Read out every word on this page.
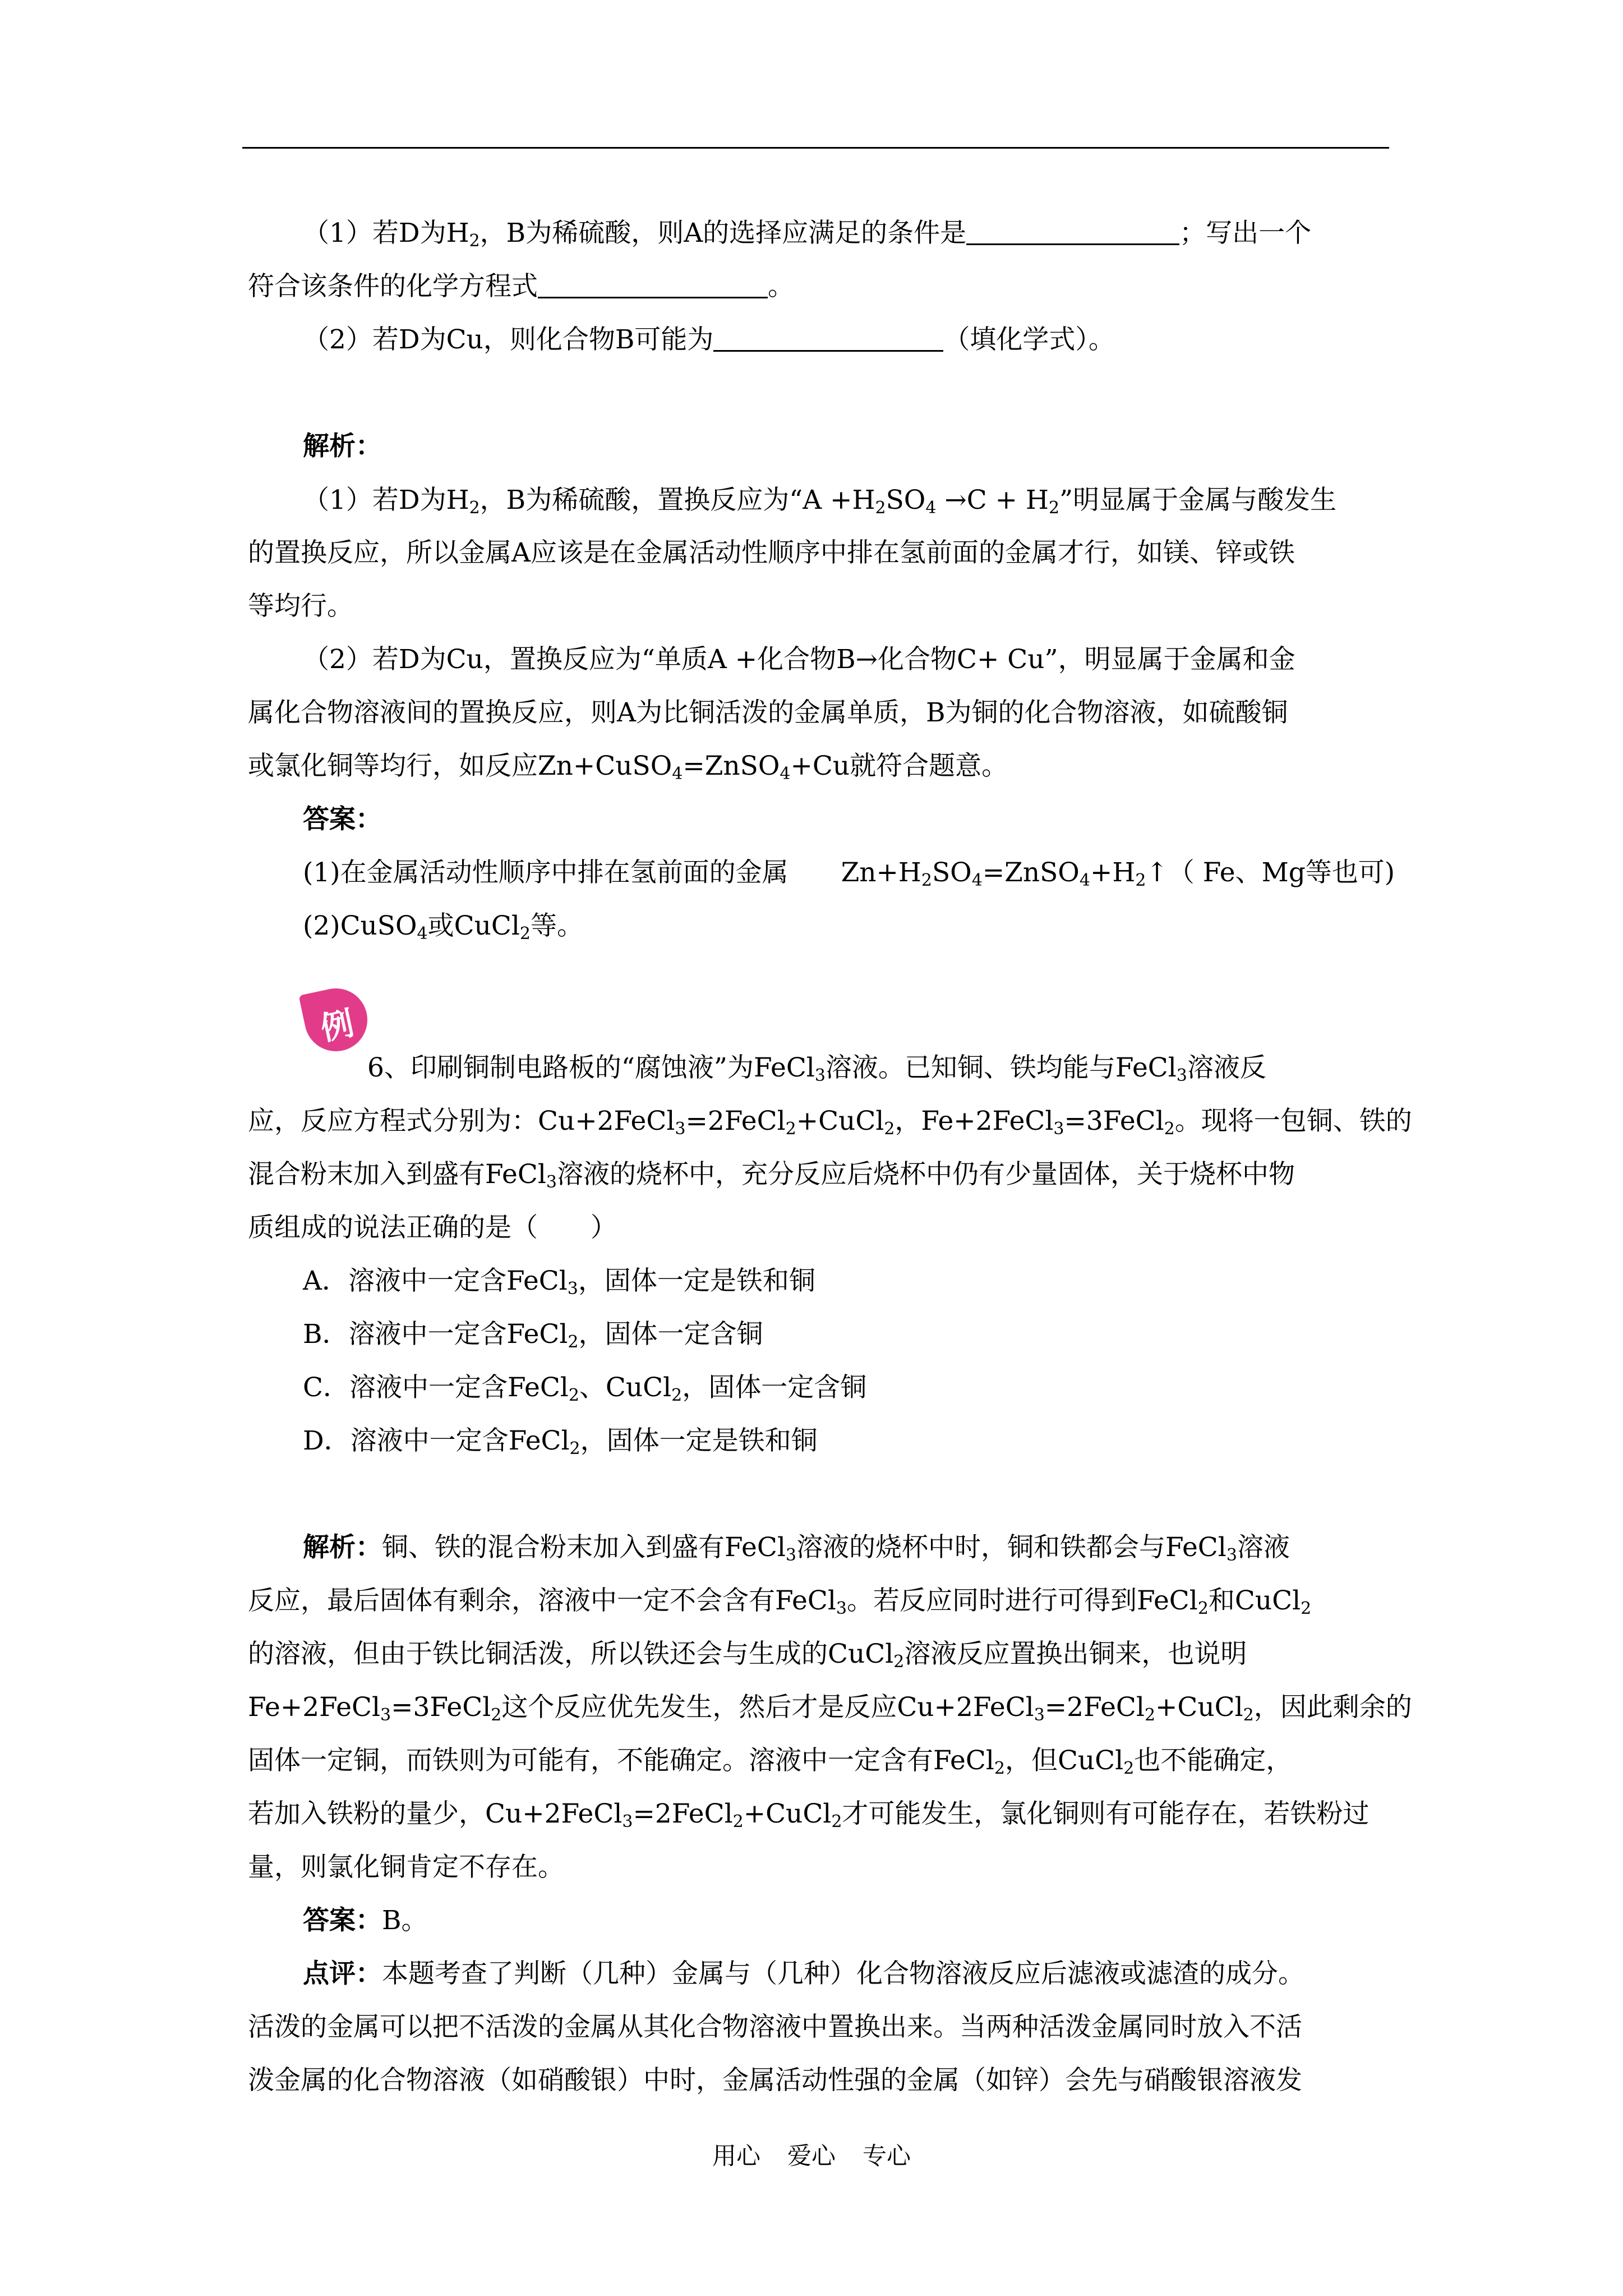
（1）若D为$H_2$，B为稀硫酸，则A的选择应满足的条件是	；写出一个
符合该条件的化学方程式	。
（2）若D为Cu，则化合物B可能为	（填化学式）。
解析：
（1）若D为$H_2$，B为稀硫酸，置换反应为“$A +H_2SO_4 \to C + H_2$”明显属于金属与酸发生
的置换反应，所以金属A应该是在金属活动性顺序中排在氢前面的金属才行，如镁、锌或铁
等均行。
（2）若D为Cu，置换反应为“单质A +化合物B→化合物C+ Cu”，明显属于金属和金
属化合物溶液间的置换反应，则A为比铜活泼的金属单质，B为铜的化合物溶液，如硫酸铜
或氯化铜等均行，如反应Zn+CuSO$_4$=ZnSO$_4$+Cu就符合题意。
答案：
(1)在金属活动性顺序中排在氢前面的金属　　$Zn+H_2SO_4=ZnSO_4+H_2↑$（ Fe、Mg等也可)
(2)CuSO$_4$或CuCl$_2$等。
例
6、印刷铜制电路板的“腐蚀液”为FeCl$_3$溶液。已知铜、铁均能与FeCl$_3$溶液反
应，反应方程式分别为：Cu+2FeCl$_3$=2FeCl$_2$+CuCl$_2$，Fe+2FeCl$_3$=3FeCl$_2$。现将一包铜、铁的
混合粉末加入到盛有FeCl$_3$溶液的烧杯中，充分反应后烧杯中仍有少量固体，关于烧杯中物
质组成的说法正确的是（　　）
A．溶液中一定含FeCl$_3$，固体一定是铁和铜
B．溶液中一定含FeCl$_2$，固体一定含铜
C．溶液中一定含FeCl$_2$、CuCl$_2$，固体一定含铜
D．溶液中一定含FeCl$_2$，固体一定是铁和铜
解析：铜、铁的混合粉末加入到盛有FeCl$_3$溶液的烧杯中时，铜和铁都会与FeCl$_3$溶液
反应，最后固体有剩余，溶液中一定不会含有FeCl$_3$。若反应同时进行可得到FeCl$_2$和CuCl$_2$
的溶液，但由于铁比铜活泼，所以铁还会与生成的CuCl$_2$溶液反应置换出铜来，也说明
Fe+2FeCl$_3$=3FeCl$_2$这个反应优先发生，然后才是反应Cu+2FeCl$_3$=2FeCl$_2$+CuCl$_2$，因此剩余的
固体一定铜，而铁则为可能有，不能确定。溶液中一定含有FeCl$_2$，但CuCl$_2$也不能确定，
若加入铁粉的量少，Cu+2FeCl$_3$=2FeCl$_2$+CuCl$_2$才可能发生，氯化铜则有可能存在，若铁粉过
量，则氯化铜肯定不存在。
答案：B。
点评：本题考查了判断（几种）金属与（几种）化合物溶液反应后滤液或滤渣的成分。
活泼的金属可以把不活泼的金属从其化合物溶液中置换出来。当两种活泼金属同时放入不活
泼金属的化合物溶液（如硝酸银）中时，金属活动性强的金属（如锌）会先与硝酸银溶液发
用心 爱心 专心
